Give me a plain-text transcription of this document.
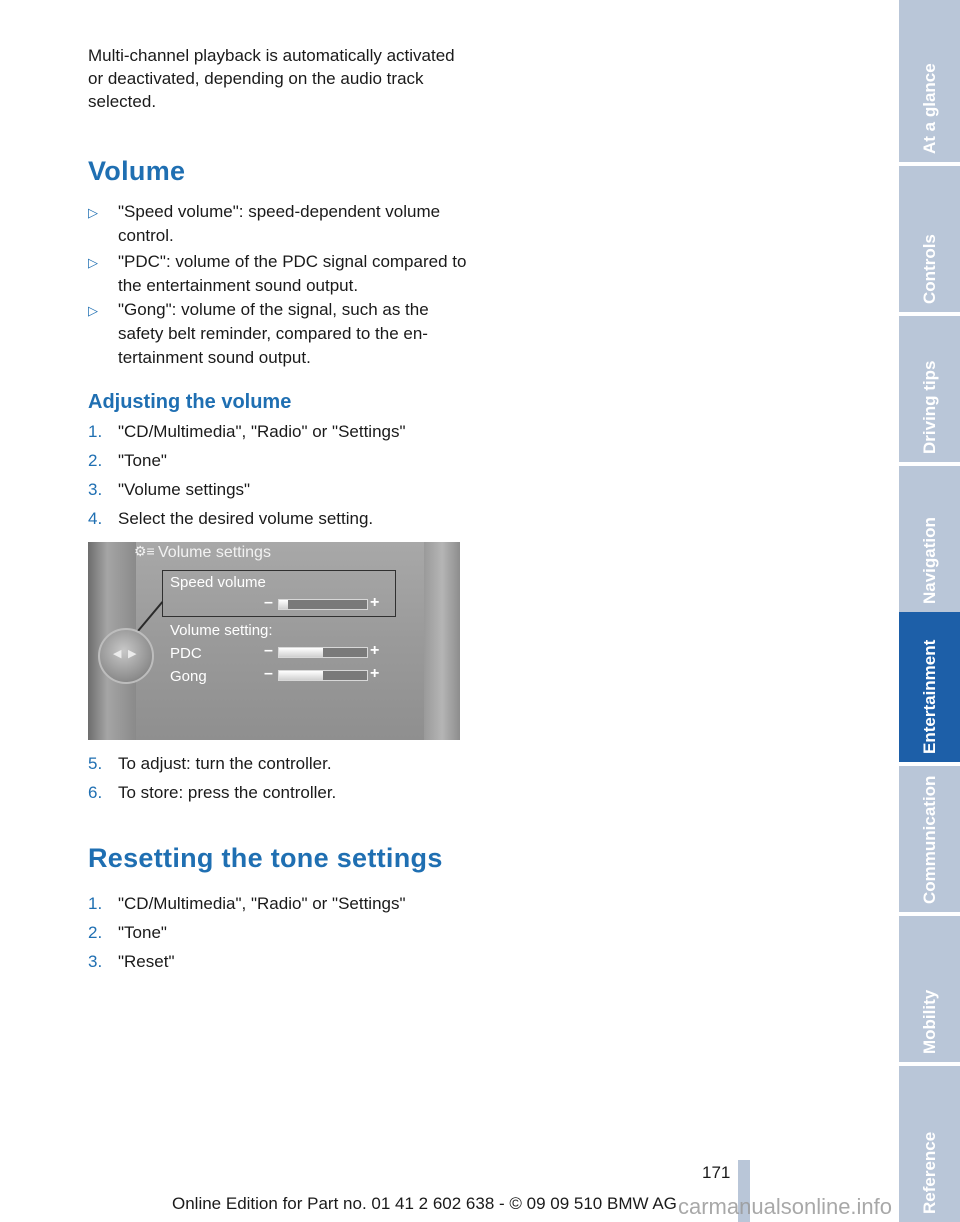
Multi-channel playback is automatically activated or deactivated, depending on the audio track selected.

Volume
▷ "Speed volume": speed-dependent volume control.
▷ "PDC": volume of the PDC signal compared to the entertainment sound output.
▷ "Gong": volume of the signal, such as the safety belt reminder, compared to the entertainment sound output.
Adjusting the volume
1. "CD/Multimedia", "Radio" or "Settings"
2. "Tone"
3. "Volume settings"
4. Select the desired volume setting.
⚙≡ Volume settings
Speed volume
–	+
Volume setting:
PDC	–	+
Gong	–	+
◀ ▶
5. To adjust: turn the controller.
6. To store: press the controller.
Resetting the tone settings
1. "CD/Multimedia", "Radio" or "Settings"
2. "Tone"
3. "Reset"
At a glance
Controls
Driving tips
Navigation
Entertainment
Communication
Mobility
Reference
171
Online Edition for Part no. 01 41 2 602 638 - © 09 09 510 BMW AG carmanualsonline.info
